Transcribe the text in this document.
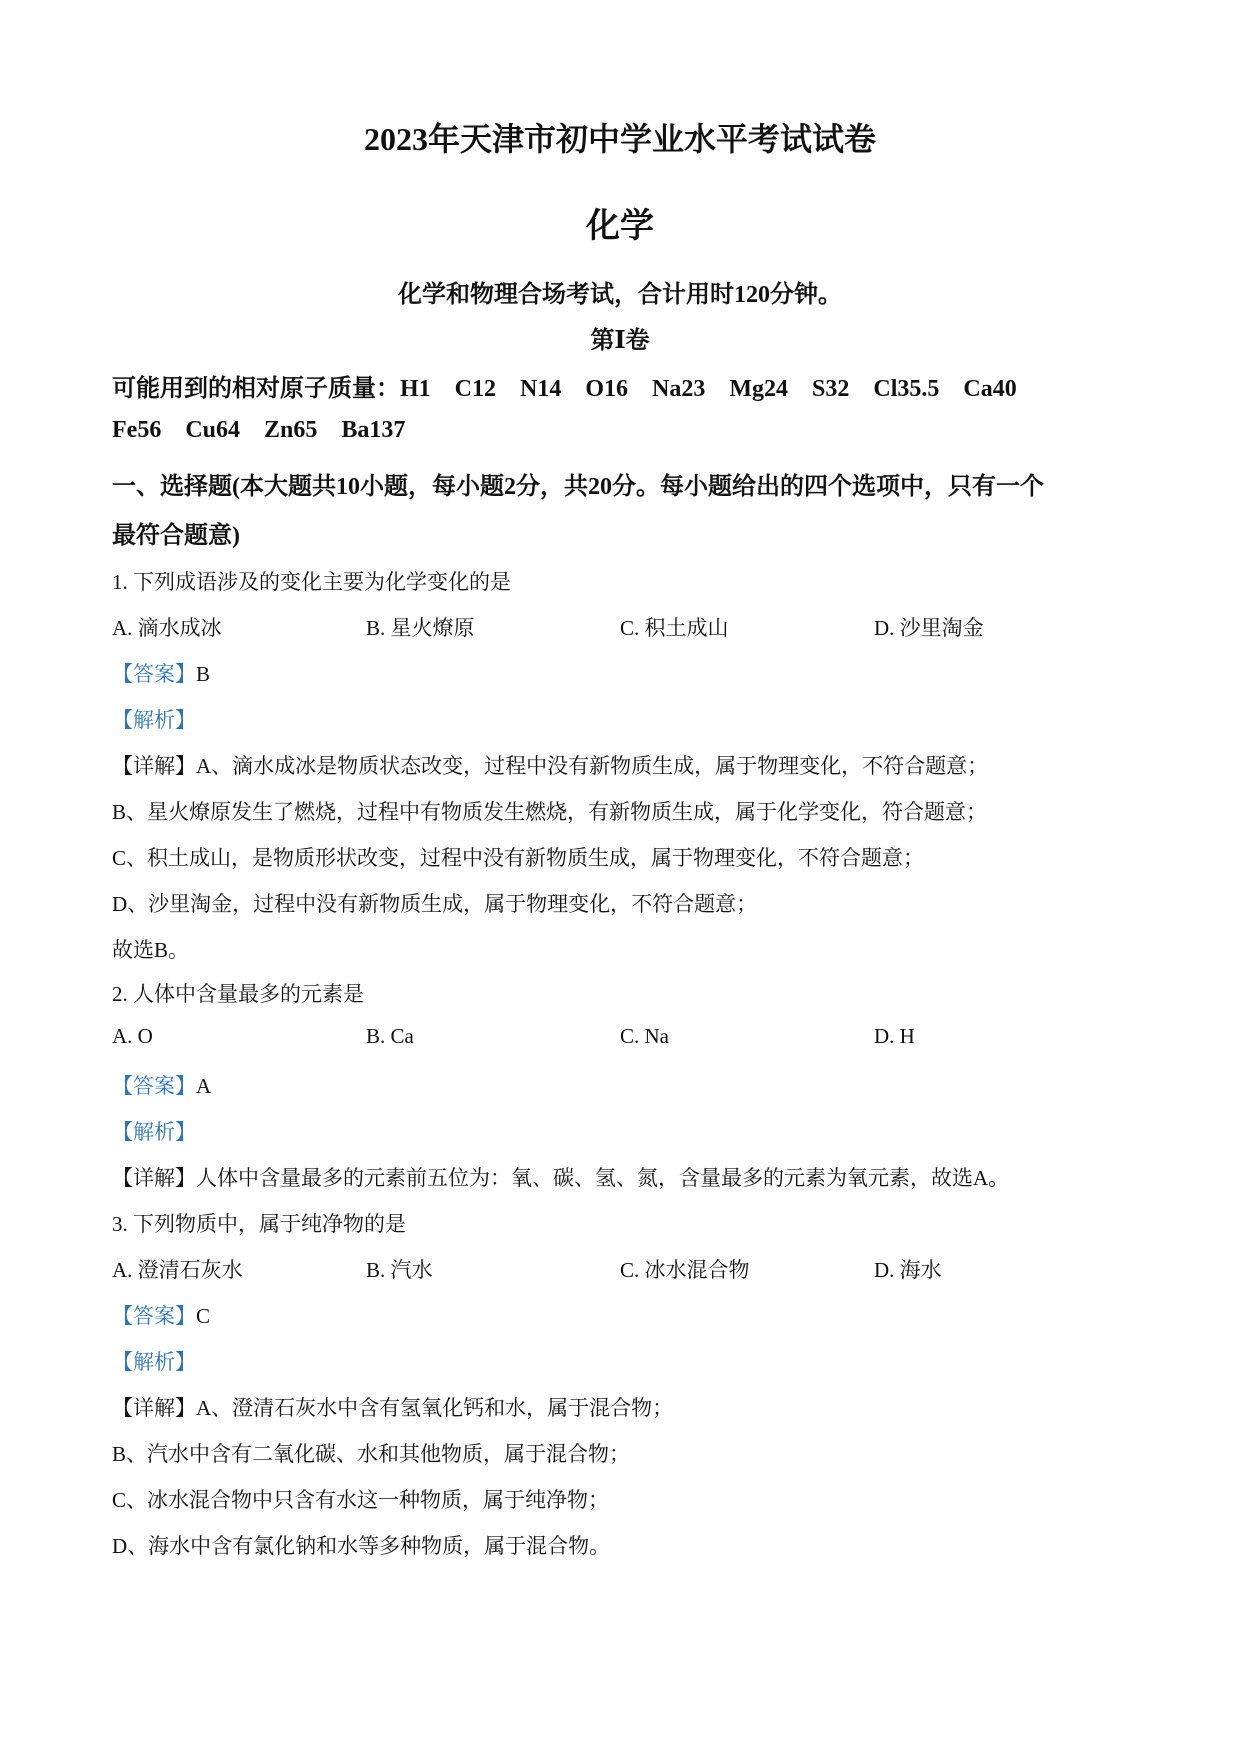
2023年天津市初中学业水平考试试卷
化学
化学和物理合场考试，合计用时120分钟。
第Ⅰ卷
可能用到的相对原子质量：H1 C12 N14 O16 Na23 Mg24 S32 Cl35.5 Ca40
Fe56 Cu64 Zn65 Ba137
一、选择题(本大题共10小题，每小题2分，共20分。每小题给出的四个选项中，只有一个
最符合题意)
1. 下列成语涉及的变化主要为化学变化的是
A. 滴水成冰	B. 星火燎原	C. 积土成山	D. 沙里淘金
【答案】B
【解析】
【详解】A、滴水成冰是物质状态改变，过程中没有新物质生成，属于物理变化，不符合题意；
B、星火燎原发生了燃烧，过程中有物质发生燃烧，有新物质生成，属于化学变化，符合题意；
C、积土成山，是物质形状改变，过程中没有新物质生成，属于物理变化，不符合题意；
D、沙里淘金，过程中没有新物质生成，属于物理变化，不符合题意；
故选B。
2. 人体中含量最多的元素是
A. O	B. Ca	C. Na	D. H
【答案】A
【解析】
【详解】人体中含量最多的元素前五位为：氧、碳、氢、氮，含量最多的元素为氧元素，故选A。
3. 下列物质中，属于纯净物的是
A. 澄清石灰水	B. 汽水	C. 冰水混合物	D. 海水
【答案】C
【解析】
【详解】A、澄清石灰水中含有氢氧化钙和水，属于混合物；
B、汽水中含有二氧化碳、水和其他物质，属于混合物；
C、冰水混合物中只含有水这一种物质，属于纯净物；
D、海水中含有氯化钠和水等多种物质，属于混合物。
